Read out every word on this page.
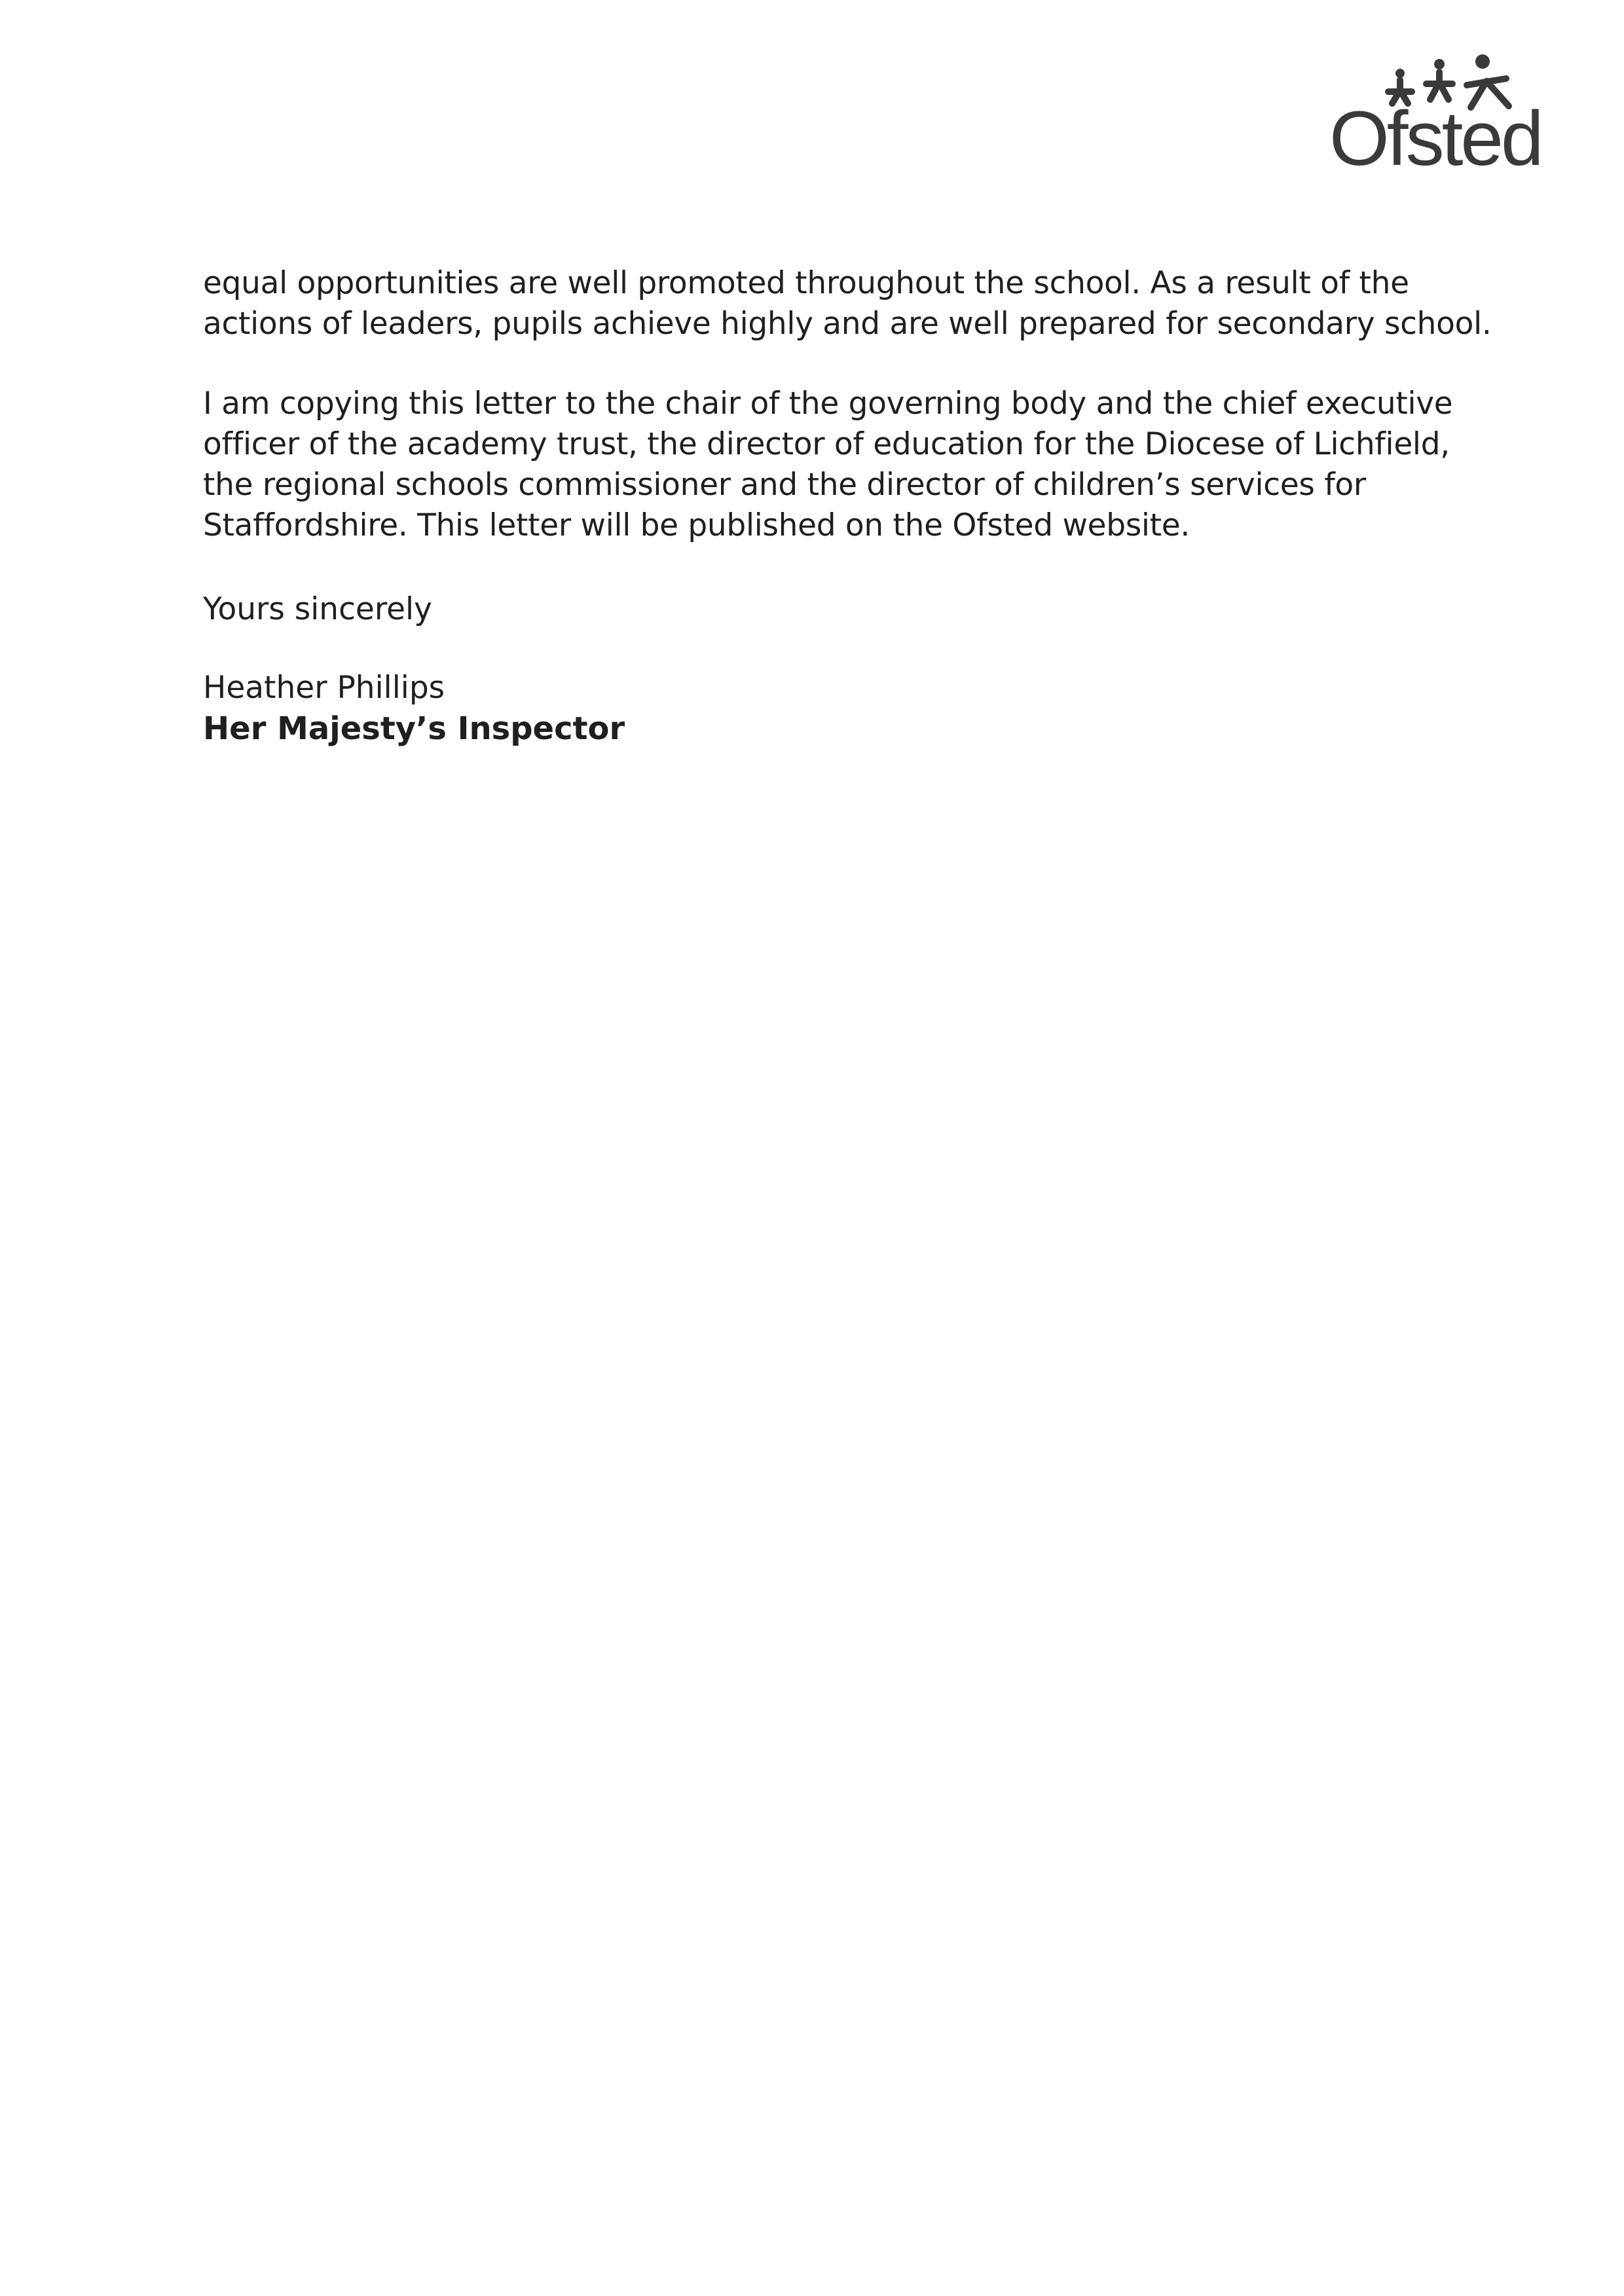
Ofsted

equal opportunities are well promoted throughout the school. As a result of the

actions of leaders, pupils achieve highly and are well prepared for secondary school.

I am copying this letter to the chair of the governing body and the chief executive

officer of the academy trust, the director of education for the Diocese of Lichfield,

the regional schools commissioner and the director of children’s services for

Staffordshire. This letter will be published on the Ofsted website.

Yours sincerely
Heather Phillips
Her Majesty’s Inspector
